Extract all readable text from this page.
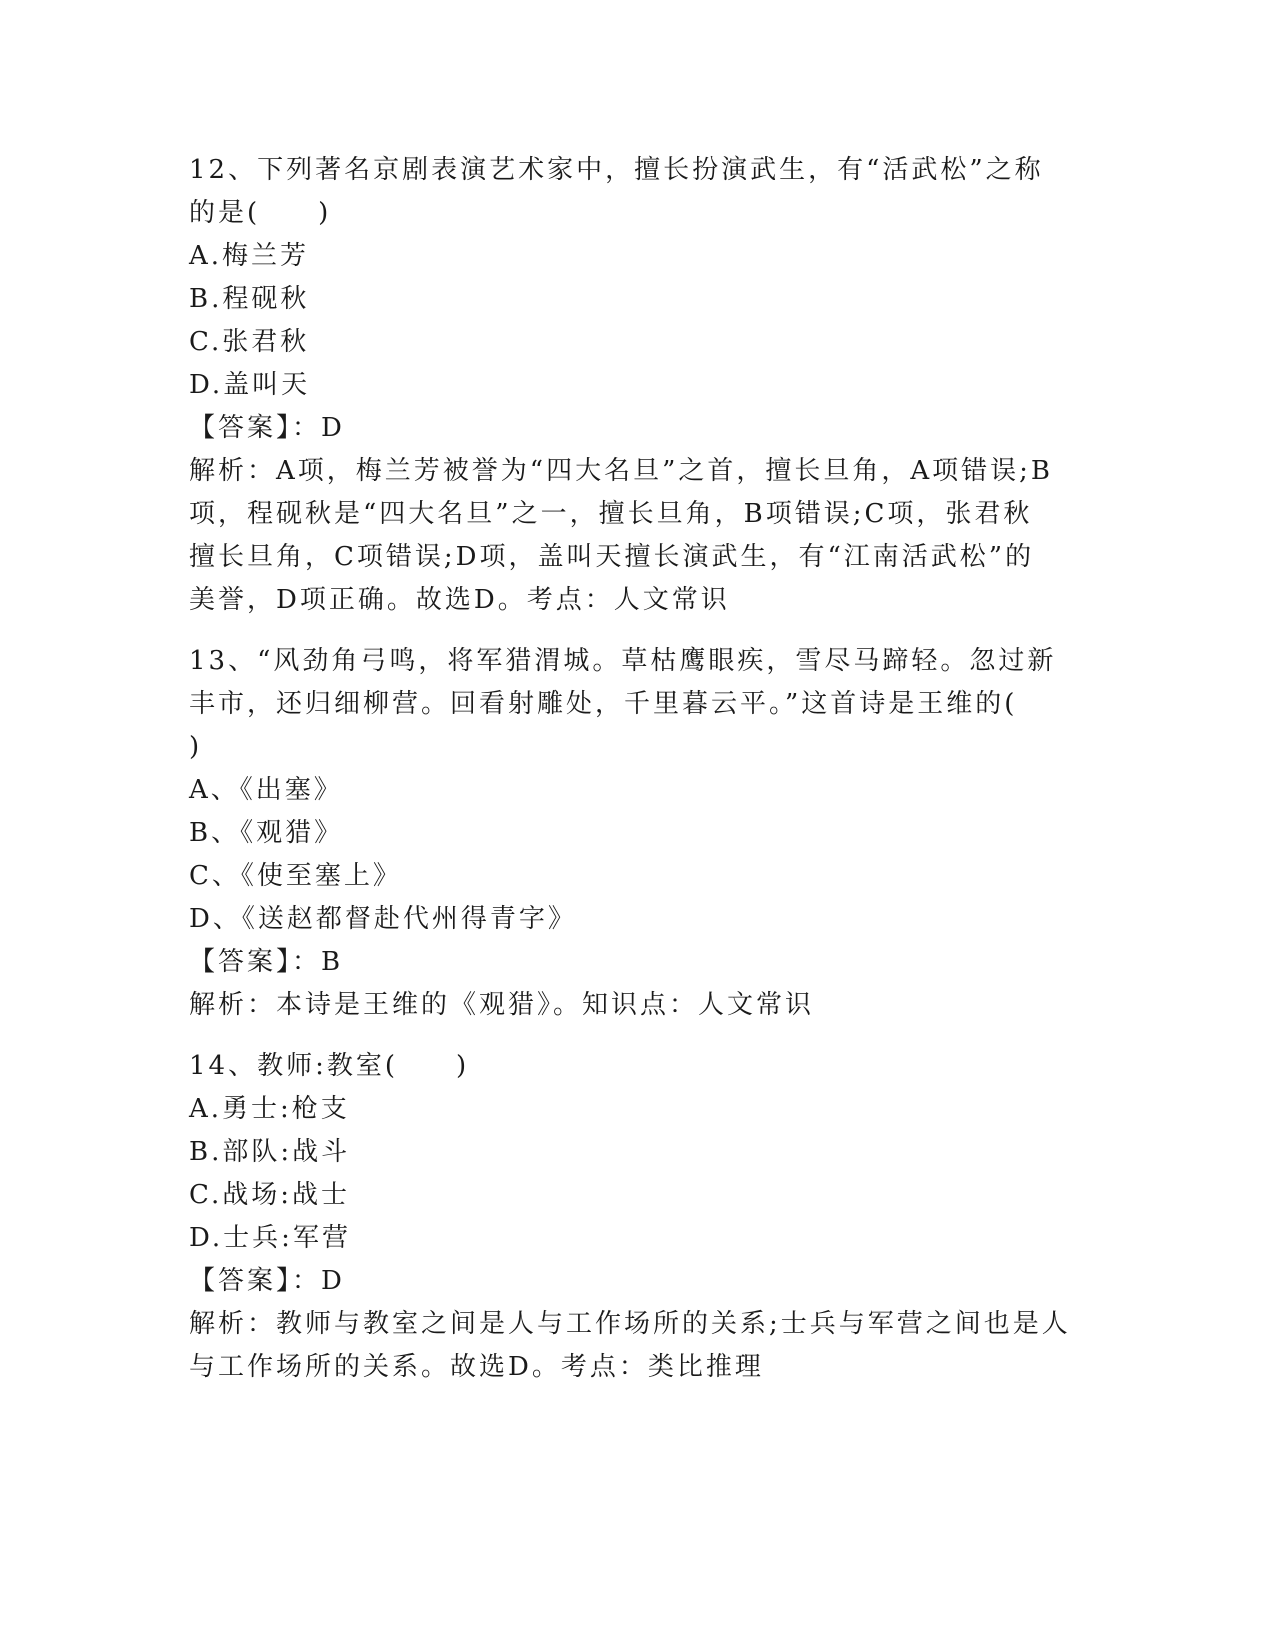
12、下列著名京剧表演艺术家中，擅长扮演武生，有“活武松”之称
的是(　　)
A.梅兰芳
B.程砚秋
C.张君秋
D.盖叫天
【答案】：D
解析：A项，梅兰芳被誉为“四大名旦”之首，擅长旦角，A项错误;B
项，程砚秋是“四大名旦”之一，擅长旦角，B项错误;C项，张君秋
擅长旦角，C项错误;D项，盖叫天擅长演武生，有“江南活武松”的
美誉，D项正确。故选D。考点：人文常识
13、“风劲角弓鸣，将军猎渭城。草枯鹰眼疾，雪尽马蹄轻。忽过新
丰市，还归细柳营。回看射雕处，千里暮云平。”这首诗是王维的(
)
A、《出塞》
B、《观猎》
C、《使至塞上》
D、《送赵都督赴代州得青字》
【答案】：B
解析：本诗是王维的《观猎》。知识点：人文常识
14、教师:教室(　　)
A.勇士:枪支
B.部队:战斗
C.战场:战士
D.士兵:军营
【答案】：D
解析：教师与教室之间是人与工作场所的关系;士兵与军营之间也是人
与工作场所的关系。故选D。考点：类比推理
